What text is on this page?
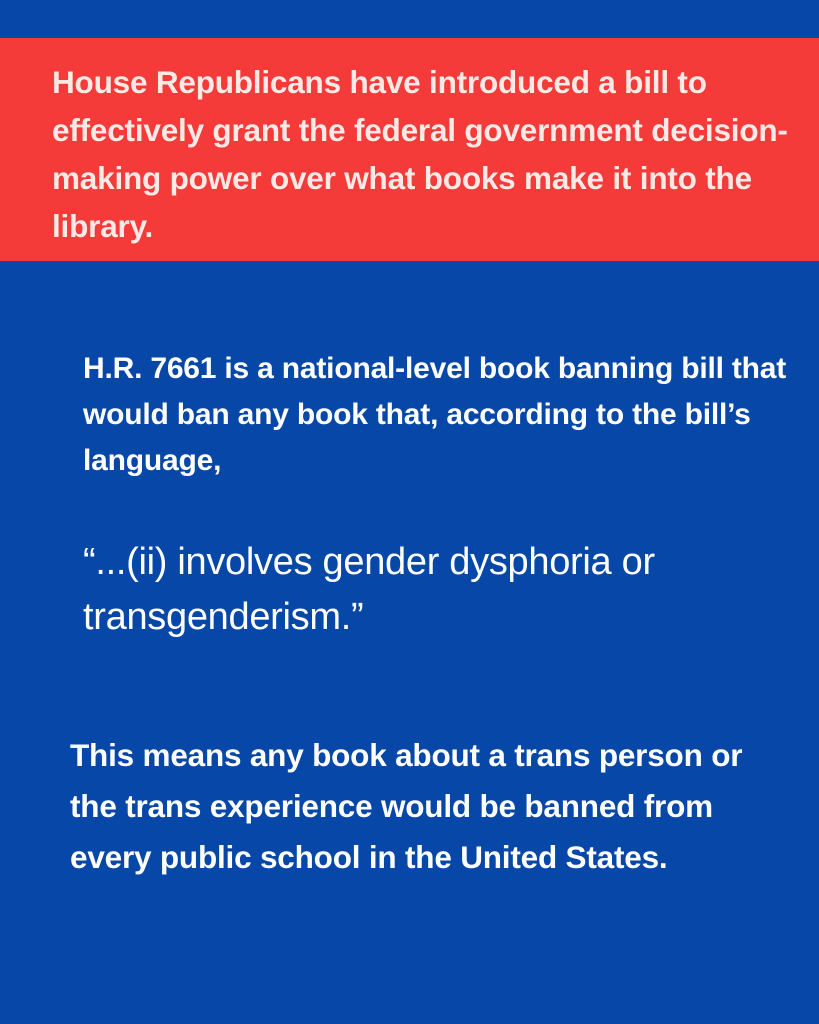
House Republicans have introduced a bill to effectively grant the federal government decision-making power over what books make it into the library.

H.R. 7661 is a national-level book banning bill that would ban any book that, according to the bill’s language,

“...(ii) involves gender dysphoria or transgenderism.”

This means any book about a trans person or the trans experience would be banned from every public school in the United States.
